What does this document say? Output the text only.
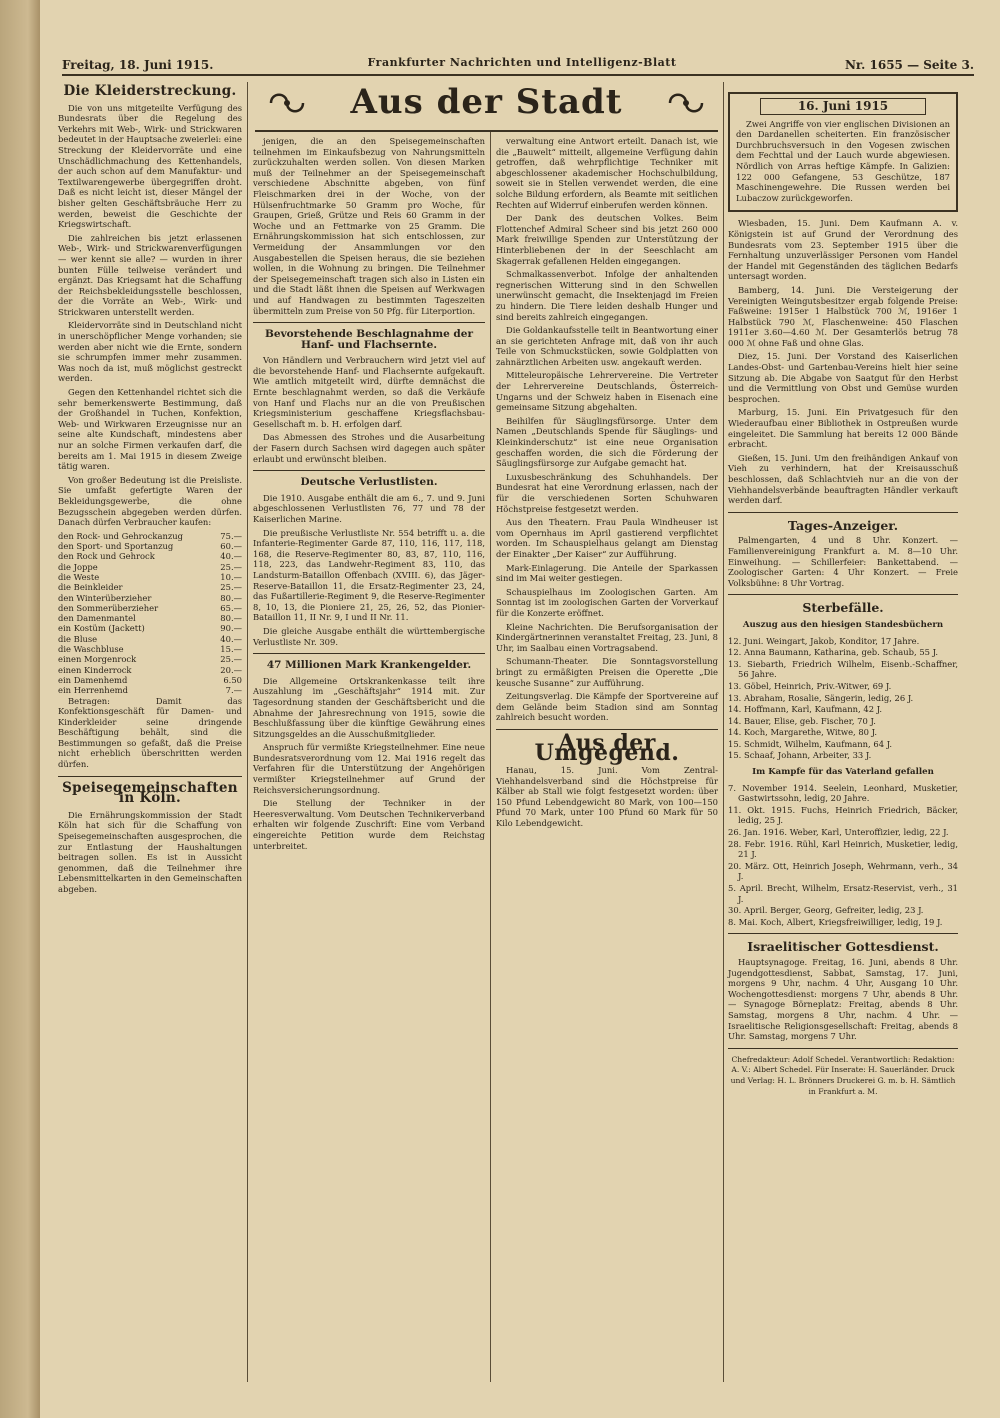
Freitag, 18. Juni 1915.	Frankfurter Nachrichten und Intelligenz-Blatt	Nr. 1655 — Seite 3.
Aus der Stadt
Die Kleiderstreckung.

Die von uns mitgeteilte Verfügung des Bundesrats über die Regelung des Verkehrs mit Web-, Wirk- und Strickwaren bedeutet in der Hauptsache zweierlei: eine Streckung der Kleidervorräte und eine Unschädlichmachung des Kettenhandels, der auch schon auf dem Manufaktur- und Textilwarengewerbe übergegriffen droht. Daß es nicht leicht ist, dieser Mängel der bisher gelten Geschäftsbräuche Herr zu werden, beweist die Geschichte der Kriegswirtschaft.

Die zahlreichen bis jetzt erlassenen Web-, Wirk- und Strickwarenverfügungen — wer kennt sie alle? — wurden in ihrer bunten Fülle teilweise verändert und ergänzt. Das Kriegsamt hat die Schaffung der Reichsbekleidungsstelle beschlossen, der die Vorräte an Web-, Wirk- und Strickwaren unterstellt werden.

Kleidervorräte sind in Deutschland nicht in unerschöpflicher Menge vorhanden; sie werden aber nicht wie die Ernte, sondern sie schrumpfen immer mehr zusammen. Was noch da ist, muß möglichst gestreckt werden.

Gegen den Kettenhandel richtet sich die sehr bemerkenswerte Bestimmung, daß der Großhandel in Tuchen, Konfektion, Web- und Wirkwaren Erzeugnisse nur an seine alte Kundschaft, mindestens aber nur an solche Firmen verkaufen darf, die bereits am 1. Mai 1915 in diesem Zweige tätig waren.

Von großer Bedeutung ist die Preisliste. Sie umfaßt gefertigte Waren der Bekleidungsgewerbe, die ohne Bezugsschein abgegeben werden dürfen. Danach dürfen Verbraucher kaufen:

den Rock- und Gehrockanzug	75.—
den Sport- und Sportanzug	60.—
den Rock und Gehrock	40.—
die Joppe	25.—
die Weste	10.—
die Beinkleider	25.—
den Winterüberzieher	80.—
den Sommerüberzieher	65.—
den Damenmantel	80.—
ein Kostüm (Jackett)	90.—
die Bluse	40.—
die Waschbluse	15.—
einen Morgenrock	25.—
einen Kinderrock	20.—
ein Damenhemd	6.50
ein Herrenhemd	7.—

Betragen: Damit das Konfektionsgeschäft für Damen- und Kinderkleider seine dringende Beschäftigung behält, sind die Bestimmungen so gefaßt, daß die Preise nicht erheblich überschritten werden dürfen.

Speisegemeinschaften in Köln.

Die Ernährungskommission der Stadt Köln hat sich für die Schaffung von Speisegemeinschaften ausgesprochen, die zur Entlastung der Haushaltungen beitragen sollen. Es ist in Aussicht genommen, daß die Teilnehmer ihre Lebensmittelkarten in den Gemeinschaften abgeben.

jenigen, die an den Speisegemeinschaften teilnehmen im Einkaufsbezug von Nahrungsmitteln zurückzuhalten werden sollen. Von diesen Marken muß der Teilnehmer an der Speisegemeinschaft verschiedene Abschnitte abgeben, von fünf Fleischmarken drei in der Woche, von der Hülsenfruchtmarke 50 Gramm pro Woche, für Graupen, Grieß, Grütze und Reis 60 Gramm in der Woche und an Fettmarke von 25 Gramm. Die Ernährungskommission hat sich entschlossen, zur Vermeidung der Ansammlungen vor den Ausgabestellen die Speisen heraus, die sie beziehen wollen, in die Wohnung zu bringen. Die Teilnehmer der Speisegemeinschaft tragen sich also in Listen ein und die Stadt läßt ihnen die Speisen auf Werkwagen und auf Handwagen zu bestimmten Tageszeiten übermitteln zum Preise von 50 Pfg. für Literportion.

Bevorstehende Beschlagnahme der Hanf- und Flachsernte.

Von Händlern und Verbrauchern wird jetzt viel auf die bevorstehende Hanf- und Flachsernte aufgekauft. Wie amtlich mitgeteilt wird, dürfte demnächst die Ernte beschlagnahmt werden, so daß die Verkäufe von Hanf und Flachs nur an die von Preußischen Kriegsministerium geschaffene Kriegsflachsbau-Gesellschaft m. b. H. erfolgen darf.

Das Abmessen des Strohes und die Ausarbeitung der Fasern durch Sachsen wird dagegen auch später erlaubt und erwünscht bleiben.

Deutsche Verlustlisten.

Die 1910. Ausgabe enthält die am 6., 7. und 9. Juni abgeschlossenen Verlustlisten 76, 77 und 78 der Kaiserlichen Marine.

Die preußische Verlustliste Nr. 554 betrifft u. a. die Infanterie-Regimenter Garde 87, 110, 116, 117, 118, 168, die Reserve-Regimenter 80, 83, 87, 110, 116, 118, 223, das Landwehr-Regiment 83, 110, das Landsturm-Bataillon Offenbach (XVIII. 6), das Jäger-Reserve-Bataillon 11, die Ersatz-Regimenter 23, 24, das Fußartillerie-Regiment 9, die Reserve-Regimenter 8, 10, 13, die Pioniere 21, 25, 26, 52, das Pionier-Bataillon 11, II Nr. 9, I und II Nr. 11.

Die gleiche Ausgabe enthält die württembergische Verlustliste Nr. 309.

47 Millionen Mark Krankengelder.

Die Allgemeine Ortskrankenkasse teilt ihre Auszahlung im „Geschäftsjahr“ 1914 mit. Zur Tagesordnung standen der Geschäftsbericht und die Abnahme der Jahresrechnung von 1915, sowie die Beschlußfassung über die künftige Gewährung eines Sitzungsgeldes an die Ausschußmitglieder.

Anspruch für vermißte Kriegsteilnehmer. Eine neue Bundesratsverordnung vom 12. Mai 1916 regelt das Verfahren für die Unterstützung der Angehörigen vermißter Kriegsteilnehmer auf Grund der Reichsversicherungsordnung.

Die Stellung der Techniker in der Heeresverwaltung. Vom Deutschen Technikerverband erhalten wir folgende Zuschrift: Eine vom Verband eingereichte Petition wurde dem Reichstag unterbreitet.

verwaltung eine Antwort erteilt. Danach ist, wie die „Bauwelt“ mitteilt, allgemeine Verfügung dahin getroffen, daß wehrpflichtige Techniker mit abgeschlossener akademischer Hochschulbildung, soweit sie in Stellen verwendet werden, die eine solche Bildung erfordern, als Beamte mit seitlichen Rechten auf Widerruf einberufen werden können.

Der Dank des deutschen Volkes. Beim Flottenchef Admiral Scheer sind bis jetzt 260 000 Mark freiwillige Spenden zur Unterstützung der Hinterbliebenen der in der Seeschlacht am Skagerrak gefallenen Helden eingegangen.

Schmalkassenverbot. Infolge der anhaltenden regnerischen Witterung sind in den Schwellen unerwünscht gemacht, die Insektenjagd im Freien zu hindern. Die Tiere leiden deshalb Hunger und sind bereits zahlreich eingegangen.

Die Goldankaufsstelle teilt in Beantwortung einer an sie gerichteten Anfrage mit, daß von ihr auch Teile von Schmuckstücken, sowie Goldplatten von zahnärztlichen Arbeiten usw. angekauft werden.

Mitteleuropäische Lehrervereine. Die Vertreter der Lehrervereine Deutschlands, Österreich-Ungarns und der Schweiz haben in Eisenach eine gemeinsame Sitzung abgehalten.

Beihilfen für Säuglingsfürsorge. Unter dem Namen „Deutschlands Spende für Säuglings- und Kleinkinderschutz“ ist eine neue Organisation geschaffen worden, die sich die Förderung der Säuglingsfürsorge zur Aufgabe gemacht hat.

Luxusbeschränkung des Schuhhandels. Der Bundesrat hat eine Verordnung erlassen, nach der für die verschiedenen Sorten Schuhwaren Höchstpreise festgesetzt werden.

Aus den Theatern. Frau Paula Windheuser ist vom Opernhaus im April gastierend verpflichtet worden. Im Schauspielhaus gelangt am Dienstag der Einakter „Der Kaiser“ zur Aufführung.

Mark-Einlagerung. Die Anteile der Sparkassen sind im Mai weiter gestiegen.

Schauspielhaus im Zoologischen Garten. Am Sonntag ist im zoologischen Garten der Vorverkauf für die Konzerte eröffnet.

Kleine Nachrichten. Die Berufsorganisation der Kindergärtnerinnen veranstaltet Freitag, 23. Juni, 8 Uhr, im Saalbau einen Vortragsabend.

Schumann-Theater. Die Sonntagsvorstellung bringt zu ermäßigten Preisen die Operette „Die keusche Susanne“ zur Aufführung.

Zeitungsverlag. Die Kämpfe der Sportvereine auf dem Gelände beim Stadion sind am Sonntag zahlreich besucht worden.

Aus der Umgegend.

Hanau, 15. Juni. Vom Zentral-Viehhandelsverband sind die Höchstpreise für Kälber ab Stall wie folgt festgesetzt worden: über 150 Pfund Lebendgewicht 80 Mark, von 100—150 Pfund 70 Mark, unter 100 Pfund 60 Mark für 50 Kilo Lebendgewicht.

16. Juni 1915

Zwei Angriffe von vier englischen Divisionen an den Dardanellen scheiterten. Ein französischer Durchbruchsversuch in den Vogesen zwischen dem Fechttal und der Lauch wurde abgewiesen. Nördlich von Arras heftige Kämpfe. In Galizien: 122 000 Gefangene, 53 Geschütze, 187 Maschinengewehre. Die Russen werden bei Lubaczow zurückgeworfen.

Wiesbaden, 15. Juni. Dem Kaufmann A. v. Königstein ist auf Grund der Verordnung des Bundesrats vom 23. September 1915 über die Fernhaltung unzuverlässiger Personen vom Handel der Handel mit Gegenständen des täglichen Bedarfs untersagt worden.

Bamberg, 14. Juni. Die Versteigerung der Vereinigten Weingutsbesitzer ergab folgende Preise: Faßweine: 1915er 1 Halbstück 700 ℳ, 1916er 1 Halbstück 790 ℳ, Flaschenweine: 450 Flaschen 1911er 3.60—4.60 ℳ. Der Gesamterlös betrug 78 000 ℳ ohne Faß und ohne Glas.

Diez, 15. Juni. Der Vorstand des Kaiserlichen Landes-Obst- und Gartenbau-Vereins hielt hier seine Sitzung ab. Die Abgabe von Saatgut für den Herbst und die Vermittlung von Obst und Gemüse wurden besprochen.

Marburg, 15. Juni. Ein Privatgesuch für den Wiederaufbau einer Bibliothek in Ostpreußen wurde eingeleitet. Die Sammlung hat bereits 12 000 Bände erbracht.

Gießen, 15. Juni. Um den freihändigen Ankauf von Vieh zu verhindern, hat der Kreisausschuß beschlossen, daß Schlachtvieh nur an die von der Viehhandelsverbände beauftragten Händler verkauft werden darf.

Tages-Anzeiger.

Palmengarten, 4 und 8 Uhr. Konzert. — Familienvereinigung Frankfurt a. M. 8—10 Uhr. Einweihung. — Schillerfeier: Bankettabend. — Zoologischer Garten: 4 Uhr Konzert. — Freie Volksbühne: 8 Uhr Vortrag.

Sterbefälle.
Auszug aus den hiesigen Standesbüchern

12. Juni. Weingart, Jakob, Konditor, 17 Jahre.

12. Anna Baumann, Katharina, geb. Schaub, 55 J.

13. Siebarth, Friedrich Wilhelm, Eisenb.-Schaffner, 56 Jahre.

13. Göbel, Heinrich, Priv.-Witwer, 69 J.

13. Abraham, Rosalie, Sängerin, ledig, 26 J.

14. Hoffmann, Karl, Kaufmann, 42 J.

14. Bauer, Elise, geb. Fischer, 70 J.

14. Koch, Margarethe, Witwe, 80 J.

15. Schmidt, Wilhelm, Kaufmann, 64 J.

15. Schaaf, Johann, Arbeiter, 33 J.

Im Kampfe für das Vaterland gefallen

7. November 1914. Seelein, Leonhard, Musketier, Gastwirtssohn, ledig, 20 Jahre.

11. Okt. 1915. Fuchs, Heinrich Friedrich, Bäcker, ledig, 25 J.

26. Jan. 1916. Weber, Karl, Unteroffizier, ledig, 22 J.

28. Febr. 1916. Rühl, Karl Heinrich, Musketier, ledig, 21 J.

20. März. Ott, Heinrich Joseph, Wehrmann, verh., 34 J.

5. April. Brecht, Wilhelm, Ersatz-Reservist, verh., 31 J.

30. April. Berger, Georg, Gefreiter, ledig, 23 J.

8. Mai. Koch, Albert, Kriegsfreiwilliger, ledig, 19 J.

Israelitischer Gottesdienst.

Hauptsynagoge. Freitag, 16. Juni, abends 8 Uhr. Jugendgottesdienst, Sabbat, Samstag, 17. Juni, morgens 9 Uhr, nachm. 4 Uhr, Ausgang 10 Uhr. Wochengottesdienst: morgens 7 Uhr, abends 8 Uhr. — Synagoge Börneplatz: Freitag, abends 8 Uhr. Samstag, morgens 8 Uhr, nachm. 4 Uhr. — Israelitische Religionsgesellschaft: Freitag, abends 8 Uhr. Samstag, morgens 7 Uhr.

Chefredakteur: Adolf Schedel. Verantwortlich: Redaktion: A. V.: Albert Schedel. Für Inserate: H. Sauerländer. Druck und Verlag: H. L. Brönners Druckerei G. m. b. H. Sämtlich in Frankfurt a. M.
